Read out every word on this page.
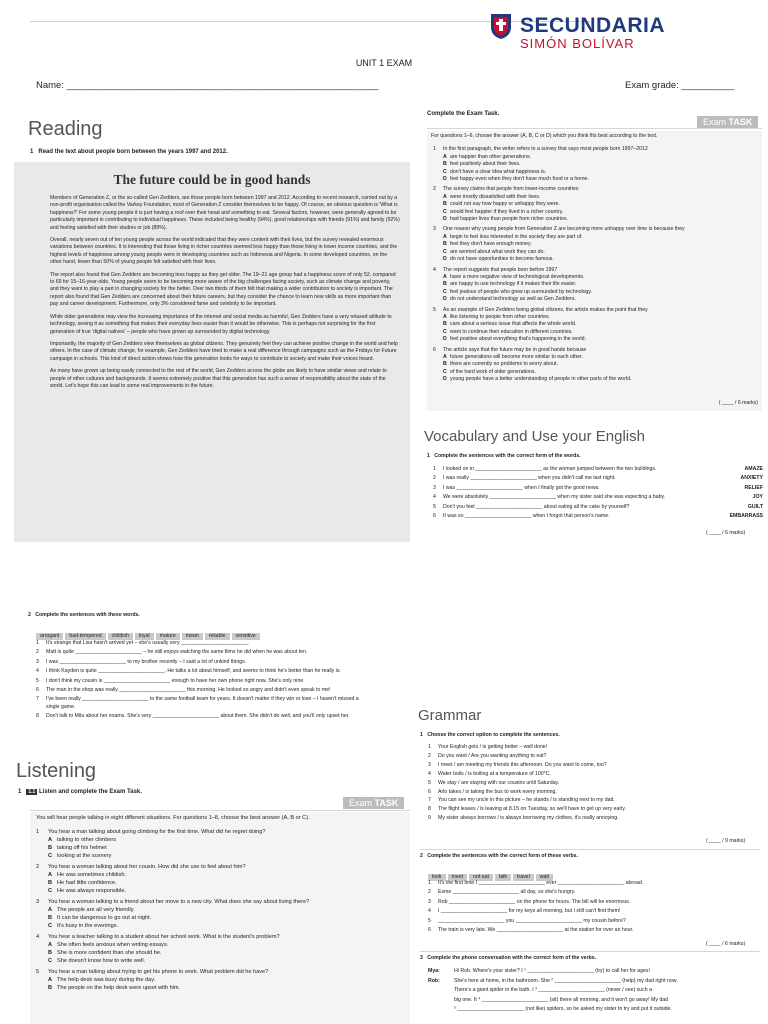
SECUNDARIA
SIMÓN BOLÍVAR
UNIT 1 EXAM
Name: ___________________________________________________________	Exam grade: __________
Reading
1 Read the text about people born between the years 1997 and 2012.
The future could be in good hands

Members of Generation Z, or the so-called Gen Zedders, are those people born between 1997 and 2012. According to recent research, carried out by a non-profit organisation called the Varkey Foundation, most of Generation Z consider themselves to be happy. Of course, an obvious question is 'What is happiness?' For some young people it is just having a roof over their head and something to eat. Several factors, however, were generally agreed to be particularly important in contributing to individual happiness. These included being healthy (94%), good relationships with friends (91%) and family (92%) and feeling satisfied with their studies or job (89%).

Overall, nearly seven out of ten young people across the world indicated that they were content with their lives, but the survey revealed enormous variations between countries. It is interesting that those living in richer countries seemed less happy than those living in lower income countries, and the highest levels of happiness among young people were in developing countries such as Indonesia and Nigeria. In some developed countries, on the other hand, fewer than 50% of young people felt satisfied with their lives.

The report also found that Gen Zedders are becoming less happy as they get older. The 19–21 age group had a happiness score of only 52, compared to 69 for 15–16-year-olds. Young people seem to be becoming more aware of the big challenges facing society, such as climate change and poverty, and they want to play a part in changing society for the better. Over two thirds of them felt that making a wider contribution to society is important. The report also found that Gen Zedders are concerned about their future careers, but they consider the chance to learn new skills as more important than pay and career development. Furthermore, only 3% considered fame and celebrity to be important.

While older generations may view the increasing importance of the internet and social media as harmful, Gen Zedders have a very relaxed attitude to technology, seeing it as something that makes their everyday lives easier than it would be otherwise. This is perhaps not surprising for the first generation of true 'digital natives' – people who have grown up surrounded by digital technology.

Importantly, the majority of Gen Zedders view themselves as global citizens. They genuinely feel they can achieve positive change in the world and help others. In the case of climate change, for example, Gen Zedders have tried to make a real difference through campaigns such as the Fridays for Future campaign in schools. This kind of direct action shows how this generation looks for ways to contribute to society and make their voices heard.

As many have grown up being easily connected to the rest of the world, Gen Zedders across the globe are likely to have similar views and relate to people of other cultures and backgrounds. It seems extremely positive that this generation has such a sense of responsibility about the state of the world. Let's hope this can lead to some real improvements in the future.

Complete the Exam Task.
Exam TASK
For questions 1–6, choose the answer (A, B, C or D) which you think fits best according to the text.
1	In the first paragraph, the writer refers to a survey that says most people born 1997–2012
A are happier than other generations.
B feel positively about their lives.
C don't have a clear idea what happiness is.
D feel happy even when they don't have much food or a home.
2	The survey claims that people from lower-income countries
A were mostly dissatisfied with their lives.
B could not say how happy or unhappy they were.
C would feel happier if they lived in a richer country.
D had happier lives than people from richer countries.
3	One reason why young people from Generation Z are becoming more unhappy over time is because they
A begin to feel less interested in the society they are part of.
B feel they don't have enough money.
C are worried about what work they can do.
D do not have opportunities to become famous.
4	The report suggests that people born before 1997
A have a more negative view of technological developments.
B are happy to use technology if it makes their life easier.
C feel jealous of people who grew up surrounded by technology.
D do not understand technology as well as Gen Zedders.
5	As an example of Gen Zedders being global citizens, the article makes the point that they
A like listening to people from other countries.
B care about a serious issue that affects the whole world.
C want to continue their education in different countries.
D feel positive about everything that's happening in the world.
6	The article says that the future may be in good hands because
A future generations will become more similar to each other.
B there are currently no problems to worry about.
C of the hard work of older generations.
D young people have a better understanding of people in other parts of the world.
( ____ / 6 marks)
Vocabulary and Use your English
1 Complete the sentences with the correct form of the words.
1	I looked on in _______________________ as the woman jumped between the two buildings.	AMAZE
2	I was really _______________________ when you didn't call me last night.	ANXIETY
3	I was _______________________ when I finally got the good news.	RELIEF
4	We were absolutely _______________________ when my sister said she was expecting a baby.	JOY
5	Don't you feel _______________________ about eating all the cake by yourself?	GUILT
6	It was so _______________________ when I forgot that person's name.	EMBARRASS
( ____ / 6 marks)
2 Complete the sentences with these words.
arrogant bad-tempered childish loyal mature mean reliable sensitive
1	It's strange that Lisa hasn't arrived yet – she's usually very _______________________.
2	Matt is quite _______________________ – he still enjoys watching the same films he did when he was about ten.
3	I was _______________________ to my brother recently – I said a lot of unkind things.
4	I think Kayden is quite _______________________. He talks a lot about himself, and seems to think he's better than he really is.
5	I don't think my cousin is _______________________ enough to have her own phone right now. She's only nine.
6	The man in the shop was really _______________________ this morning. He looked so angry and didn't even speak to me!
7	I've been really _______________________ to the same football team for years. It doesn't matter if they win or lose – I haven't missed a single game.
8	Don't talk to Mila about her exams. She's very _______________________ about them. She didn't do well, and you'll only upset her.
Listening
1 1.1 Listen and complete the Exam Task.
Exam TASK
You will hear people talking in eight different situations. For questions 1–8, choose the best answer (A, B or C).
1	You hear a man talking about going climbing for the first time. What did he regret doing?
A talking to other climbers
B taking off his helmet
C looking at the scenery
2	You hear a woman talking about her cousin. How did she use to feel about him?
A He was sometimes childish.
B He had little confidence.
C He was always responsible.
3	You hear a woman talking to a friend about her move to a new city. What does she say about living there?
A The people are all very friendly.
B It can be dangerous to go out at night.
C It's busy in the evenings.
4	You hear a teacher talking to a student about her school work. What is the student's problem?
A She often feels anxious when writing essays.
B She is more confident than she should be.
C She doesn't know how to write well.
5	You hear a man talking about trying to get his phone to work. What problem did he have?
A The help desk was busy during the day.
B The people on the help desk were upset with him.
Grammar
1 Choose the correct option to complete the sentences.
1	Your English gets / is getting better – well done!
2	Do you want / Are you wanting anything to eat?
3	I meet / am meeting my friends this afternoon. Do you want to come, too?
4	Water boils / is boiling at a temperature of 100°C.
5	We stay / are staying with our cousins until Saturday.
6	Arlo takes / is taking the bus to work every morning.
7	You can see my uncle in this picture – he stands / is standing next to my dad.
8	The flight leaves / is leaving at 8.15 on Tuesday, so we'll have to get up very early.
9	My sister always borrows / is always borrowing my clothes, it's really annoying.
( ____ / 9 marks)
2 Complete the sentences with the correct form of these verbs.
look meet not eat talk travel wait
1	It's the first time I _______________________ ever _______________________ abroad.
2	Esme _______________________ all day, so she's hungry.
3	Rob _______________________ on the phone for hours. The bill will be enormous.
4	I _______________________ for my keys all morning, but I still can't find them!
5	_______________________ you _______________________ my cousin before?
6	The train is very late. We _______________________ at the station for over an hour.
( ____ / 6 marks)
3 Complete the phone conversation with the correct form of the verbs.
Mya:	Hi Rob. Where's your sister? I ¹ _______________________ (try) to call her for ages!
Rob:	She's here at home, in the bathroom. She ² _______________________ (help) my dad right now.
There's a giant spider in the bath. I ³ _______________________ (never / see) such a
big one. It ⁴ _______________________ (sit) there all morning, and it won't go away! My dad
⁵ _______________________ (not like) spiders, so he asked my sister to try and put it outside.
